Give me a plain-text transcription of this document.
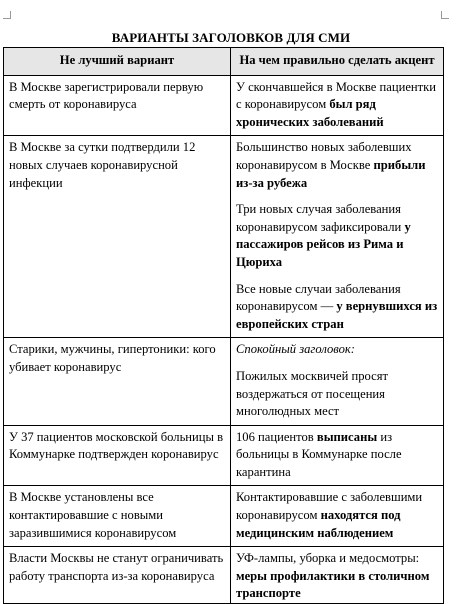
ВАРИАНТЫ ЗАГОЛОВКОВ ДЛЯ СМИ
Не лучший вариант	На чем правильно сделать акцент
В Москве зарегистрировали первую смерть от коронавируса	У скончавшейся в Москве пациентки с коронавирусом был ряд хронических заболеваний

В Москве за сутки подтвердили 12 новых случаев коронавирусной инфекции	Большинство новых заболевших коронавирусом в Москве прибыли из-за рубежа
Три новых случая заболевания коронавирусом зафиксировали у пассажиров рейсов из Рима и Цюриха
Все новые случаи заболевания коронавирусом — у вернувшихся из европейских стран

Старики, мужчины, гипертоники: кого убивает коронавирус	Спокойный заголовок:
Пожилых москвичей просят воздержаться от посещения многолюдных мест

У 37 пациентов московской больницы в Коммунарке подтвержден коронавирус	106 пациентов выписаны из больницы в Коммунарке после карантина

В Москве установлены все контактировавшие с новыми заразившимися коронавирусом	Контактировавшие с заболевшими коронавирусом находятся под медицинским наблюдением

Власти Москвы не станут ограничивать работу транспорта из-за коронавируса	УФ-лампы, уборка и медосмотры: меры профилактики в столичном транспорте
